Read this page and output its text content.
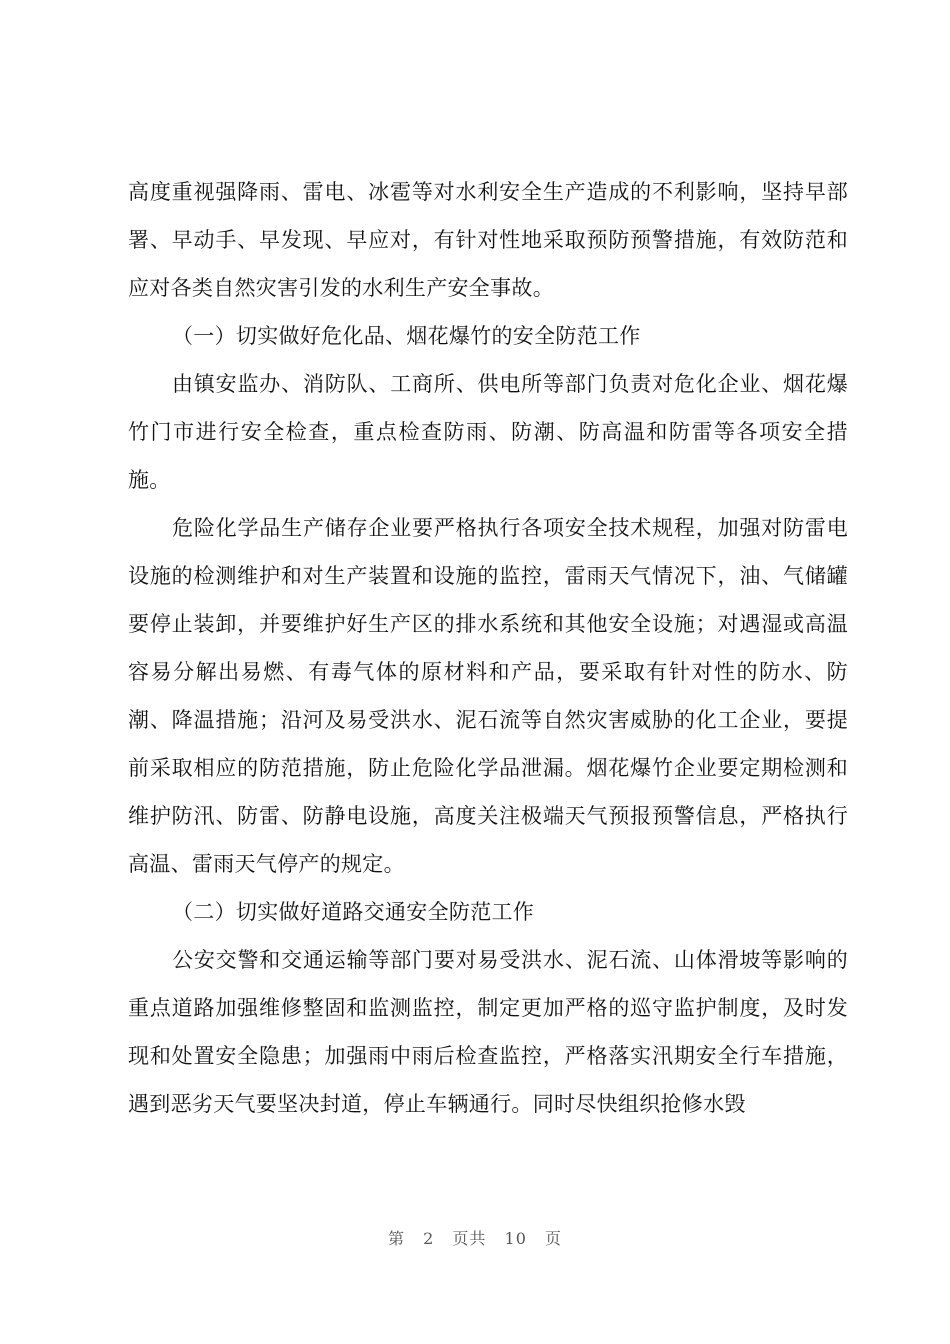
高度重视强降雨、雷电、冰雹等对水利安全生产造成的不利影响，坚持早部署、早动手、早发现、早应对，有针对性地采取预防预警措施，有效防范和应对各类自然灾害引发的水利生产安全事故。

（一）切实做好危化品、烟花爆竹的安全防范工作

由镇安监办、消防队、工商所、供电所等部门负责对危化企业、烟花爆竹门市进行安全检查，重点检查防雨、防潮、防高温和防雷等各项安全措施。

危险化学品生产储存企业要严格执行各项安全技术规程，加强对防雷电设施的检测维护和对生产装置和设施的监控，雷雨天气情况下，油、气储罐要停止装卸，并要维护好生产区的排水系统和其他安全设施；对遇湿或高温容易分解出易燃、有毒气体的原材料和产品，要采取有针对性的防水、防潮、降温措施；沿河及易受洪水、泥石流等自然灾害威胁的化工企业，要提前采取相应的防范措施，防止危险化学品泄漏。烟花爆竹企业要定期检测和维护防汛、防雷、防静电设施，高度关注极端天气预报预警信息，严格执行高温、雷雨天气停产的规定。

（二）切实做好道路交通安全防范工作

公安交警和交通运输等部门要对易受洪水、泥石流、山体滑坡等影响的重点道路加强维修整固和监测监控，制定更加严格的巡守监护制度，及时发现和处置安全隐患；加强雨中雨后检查监控，严格落实汛期安全行车措施，遇到恶劣天气要坚决封道，停止车辆通行。同时尽快组织抢修水毁

第 2 页共 10 页
